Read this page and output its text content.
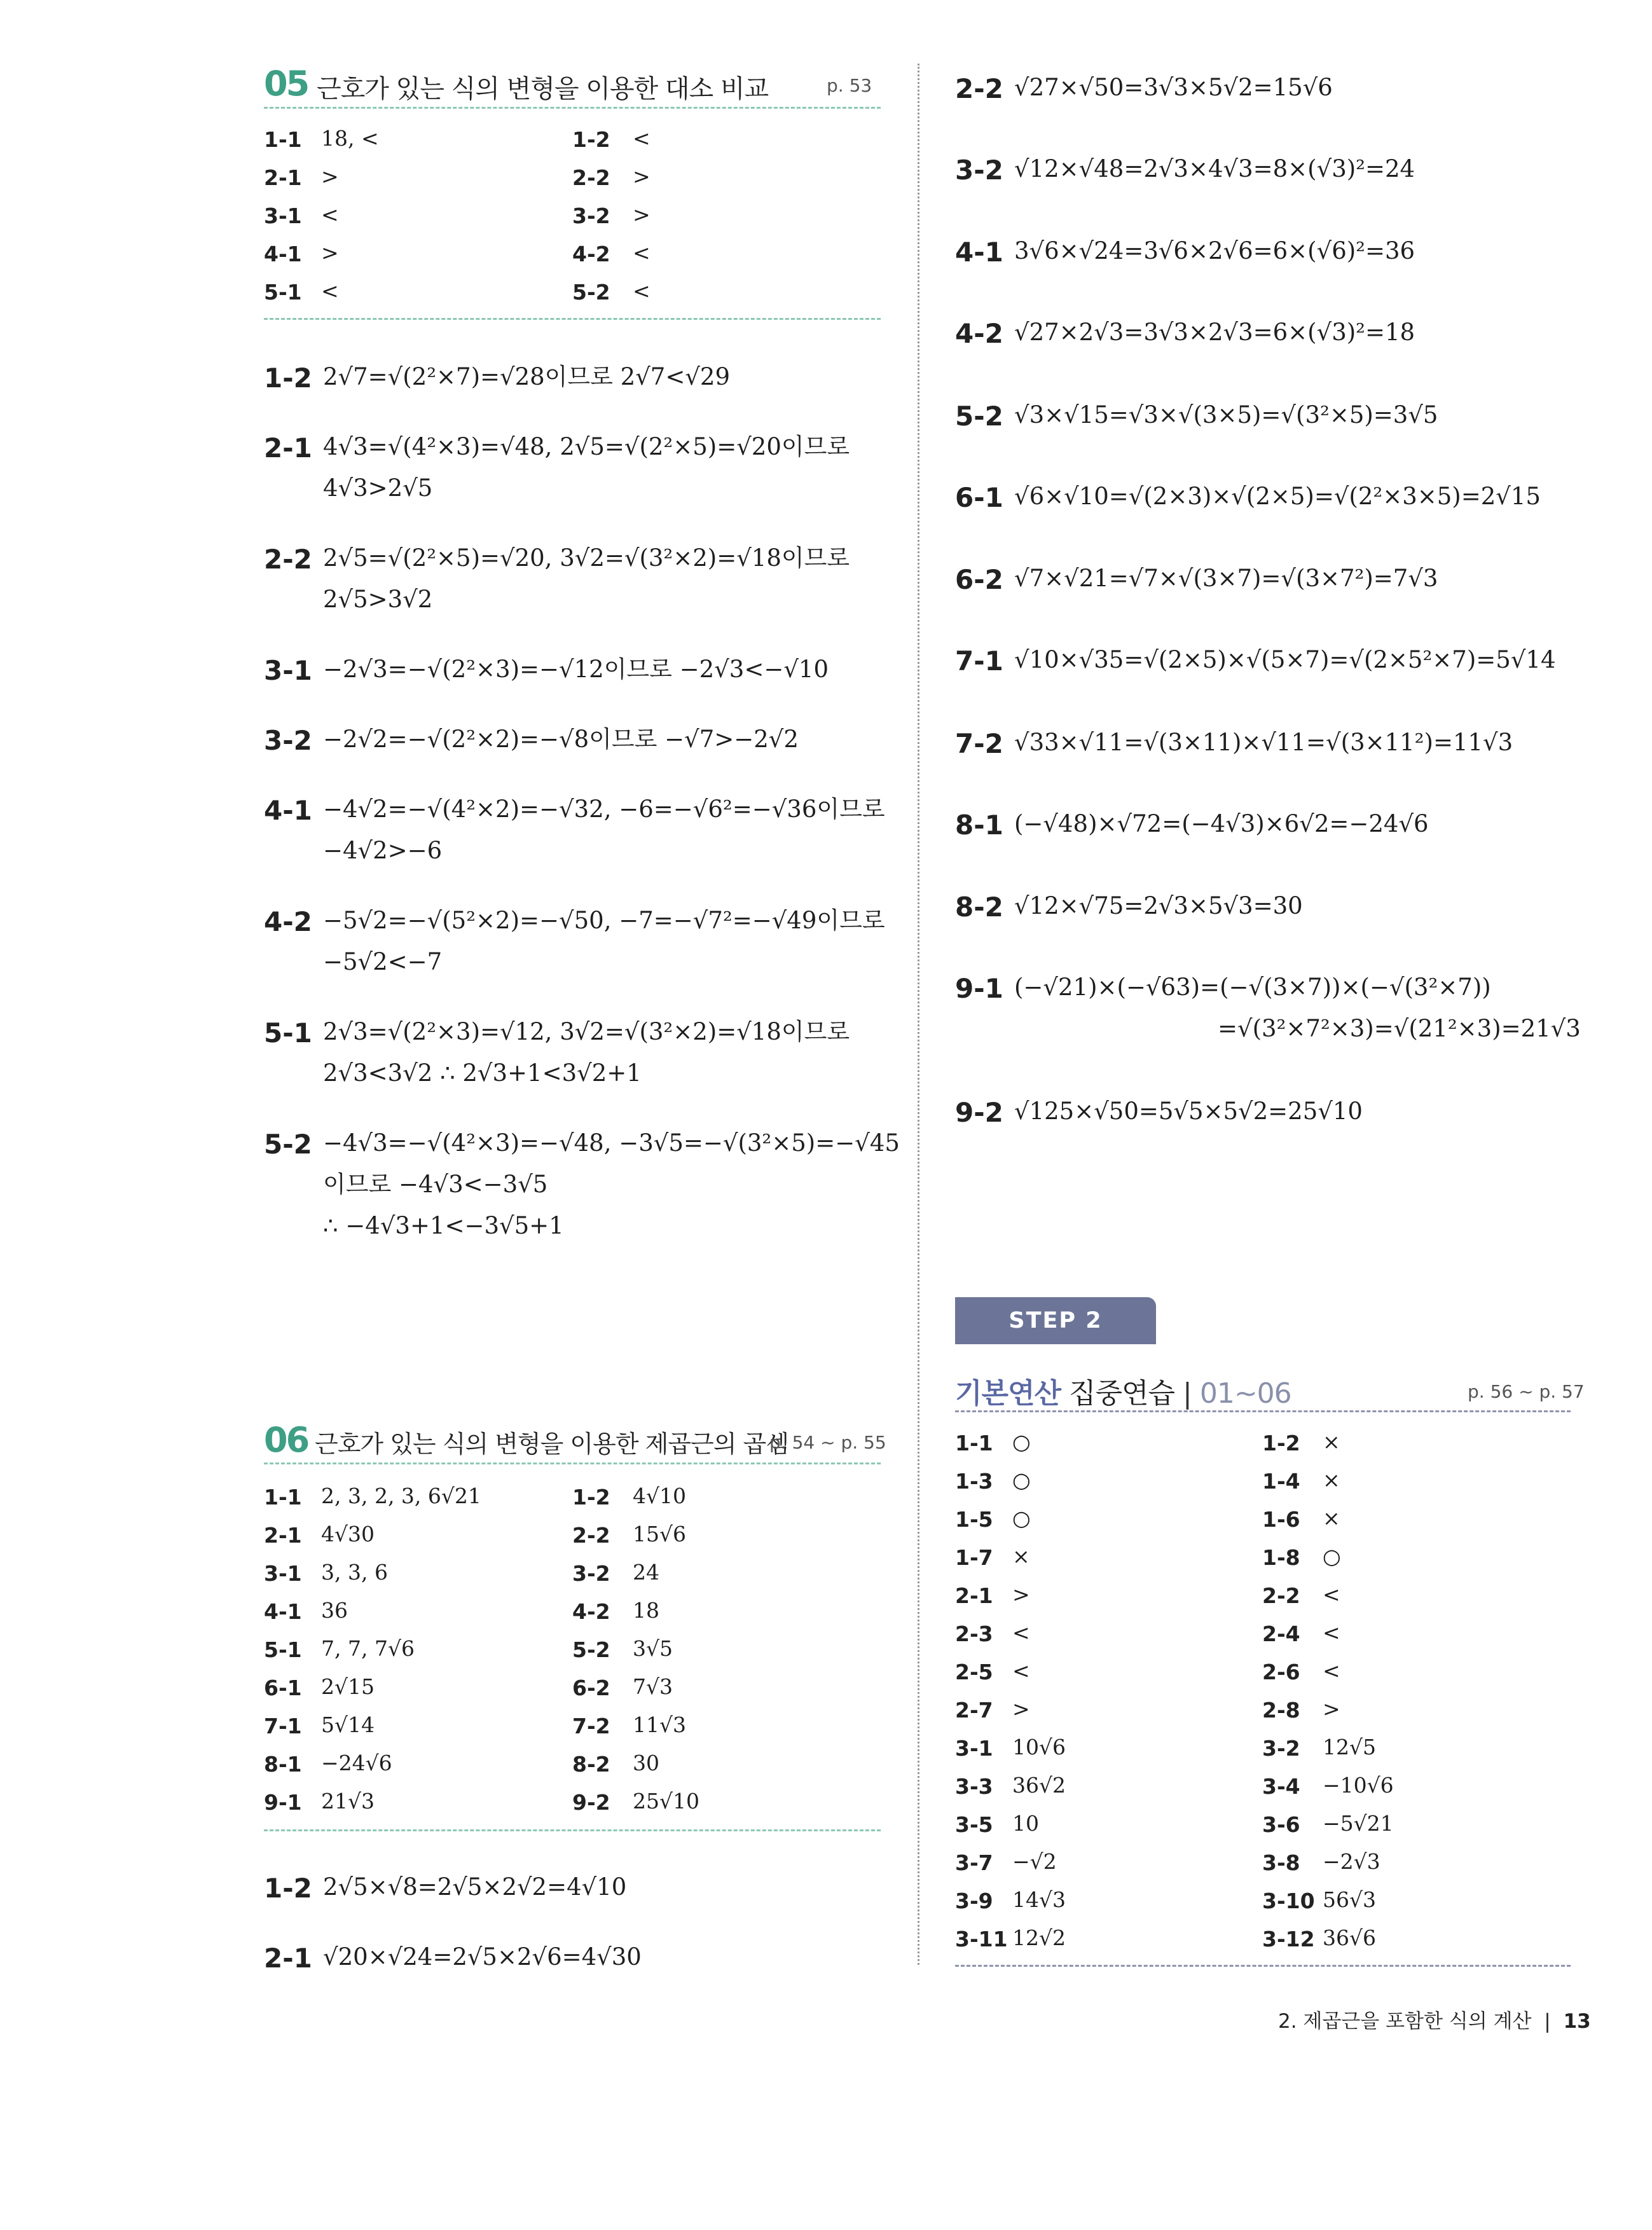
05 근호가 있는 식의 변형을 이용한 대소 비교	p. 53
1-1 18, <	1-2 <
2-1 >	2-2 >
3-1 <	3-2 >
4-1 >	4-2 <
5-1 <	5-2 <
1-2 2√7=√(2²×7)=√28이므로 2√7<√29
2-1 4√3=√(4²×3)=√48, 2√5=√(2²×5)=√20이므로
4√3>2√5
2-2 2√5=√(2²×5)=√20, 3√2=√(3²×2)=√18이므로
2√5>3√2
3-1 −2√3=−√(2²×3)=−√12이므로 −2√3<−√10
3-2 −2√2=−√(2²×2)=−√8이므로 −√7>−2√2
4-1 −4√2=−√(4²×2)=−√32, −6=−√6²=−√36이므로
−4√2>−6
4-2 −5√2=−√(5²×2)=−√50, −7=−√7²=−√49이므로
−5√2<−7
5-1 2√3=√(2²×3)=√12, 3√2=√(3²×2)=√18이므로
2√3<3√2 ∴ 2√3+1<3√2+1
5-2 −4√3=−√(4²×3)=−√48, −3√5=−√(3²×5)=−√45
이므로 −4√3<−3√5
∴ −4√3+1<−3√5+1
06 근호가 있는 식의 변형을 이용한 제곱근의 곱셈
p. 54 ~ p. 55
1-1 2, 3, 2, 3, 6√21	1-2 4√10
2-1 4√30	2-2 15√6
3-1 3, 3, 6	3-2 24
4-1 36	4-2 18
5-1 7, 7, 7√6	5-2 3√5
6-1 2√15	6-2 7√3
7-1 5√14	7-2 11√3
8-1 −24√6	8-2 30
9-1 21√3	9-2 25√10
1-2 2√5×√8=2√5×2√2=4√10
2-1 √20×√24=2√5×2√6=4√30
2-2 √27×√50=3√3×5√2=15√6
3-2 √12×√48=2√3×4√3=8×(√3)²=24
4-1 3√6×√24=3√6×2√6=6×(√6)²=36
4-2 √27×2√3=3√3×2√3=6×(√3)²=18
5-2 √3×√15=√3×√(3×5)=√(3²×5)=3√5
6-1 √6×√10=√(2×3)×√(2×5)=√(2²×3×5)=2√15
6-2 √7×√21=√7×√(3×7)=√(3×7²)=7√3
7-1 √10×√35=√(2×5)×√(5×7)=√(2×5²×7)=5√14
7-2 √33×√11=√(3×11)×√11=√(3×11²)=11√3
8-1 (−√48)×√72=(−4√3)×6√2=−24√6
8-2 √12×√75=2√3×5√3=30
9-1 (−√21)×(−√63)=(−√(3×7))×(−√(3²×7))
=√(3²×7²×3)=√(21²×3)=21√3
9-2 √125×√50=5√5×5√2=25√10
STEP 2
기본연산 집중연습 | 01~06	p. 56 ~ p. 57
1-1 ○	1-2 ×
1-3 ○	1-4 ×
1-5 ○	1-6 ×
1-7 ×	1-8 ○
2-1 >	2-2 <
2-3 <	2-4 <
2-5 <	2-6 <
2-7 >	2-8 >
3-1 10√6	3-2 12√5
3-3 36√2	3-4 −10√6
3-5 10	3-6 −5√21
3-7 −√2	3-8 −2√3
3-9 14√3	3-10 56√3
3-11 12√2	3-12 36√6
2. 제곱근을 포함한 식의 계산 | 13
